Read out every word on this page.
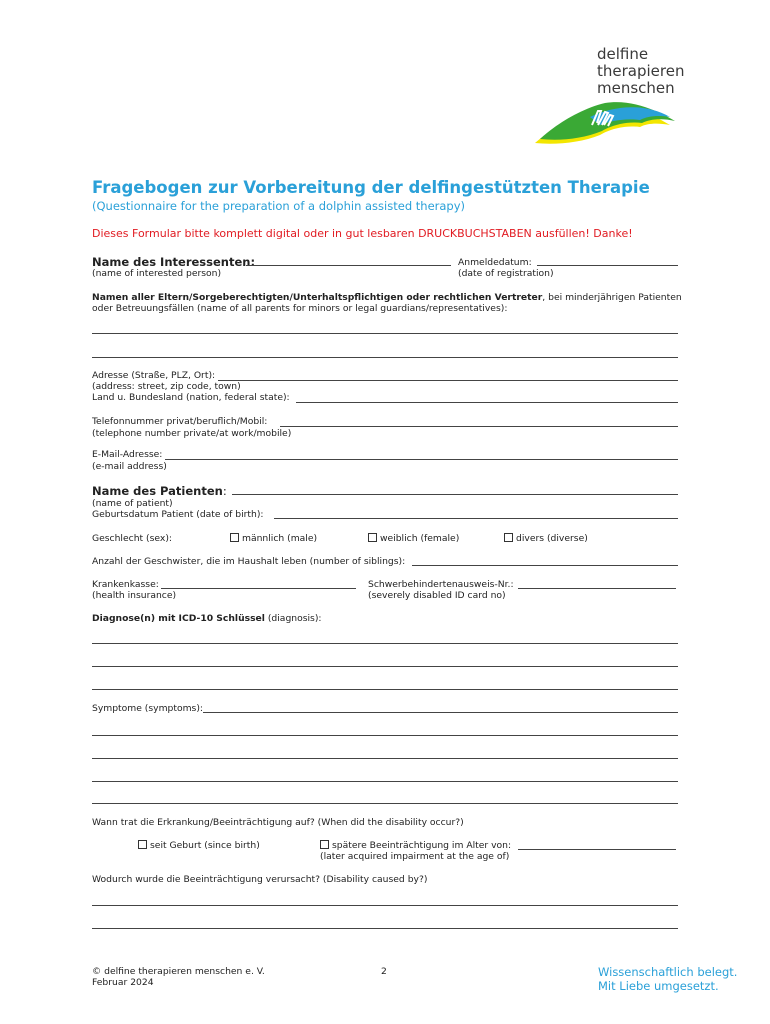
delfine
therapieren
menschen
Fragebogen zur Vorbereitung der delfingestützten Therapie
(Questionnaire for the preparation of a dolphin assisted therapy)
Dieses Formular bitte komplett digital oder in gut lesbaren DRUCKBUCHSTABEN ausfüllen! Danke!
Name des Interessenten:
(name of interested person)
Anmeldedatum:
(date of registration)
Namen aller Eltern/Sorgeberechtigten/Unterhaltspflichtigen oder rechtlichen Vertreter, bei minderjährigen Patienten
oder Betreuungsfällen (name of all parents for minors or legal guardians/representatives):
Adresse (Straße, PLZ, Ort):
(address: street, zip code, town)
Land u. Bundesland (nation, federal state):
Telefonnummer privat/beruflich/Mobil:
(telephone number private/at work/mobile)
E-Mail-Adresse:
(e-mail address)
Name des Patienten:
(name of patient)
Geburtsdatum Patient (date of birth):
Geschlecht (sex):	männlich (male)	weiblich (female)	divers (diverse)
Anzahl der Geschwister, die im Haushalt leben (number of siblings):
Krankenkasse:
(health insurance)
Schwerbehindertenausweis-Nr.:
(severely disabled ID card no)
Diagnose(n) mit ICD-10 Schlüssel (diagnosis):
Symptome (symptoms):
Wann trat die Erkrankung/Beeinträchtigung auf? (When did the disability occur?)
seit Geburt (since birth)	spätere Beeinträchtigung im Alter von:
(later acquired impairment at the age of)
Wodurch wurde die Beeinträchtigung verursacht? (Disability caused by?)
© delfine therapieren menschen e. V.
Februar 2024
2	Wissenschaftlich belegt.
Mit Liebe umgesetzt.
